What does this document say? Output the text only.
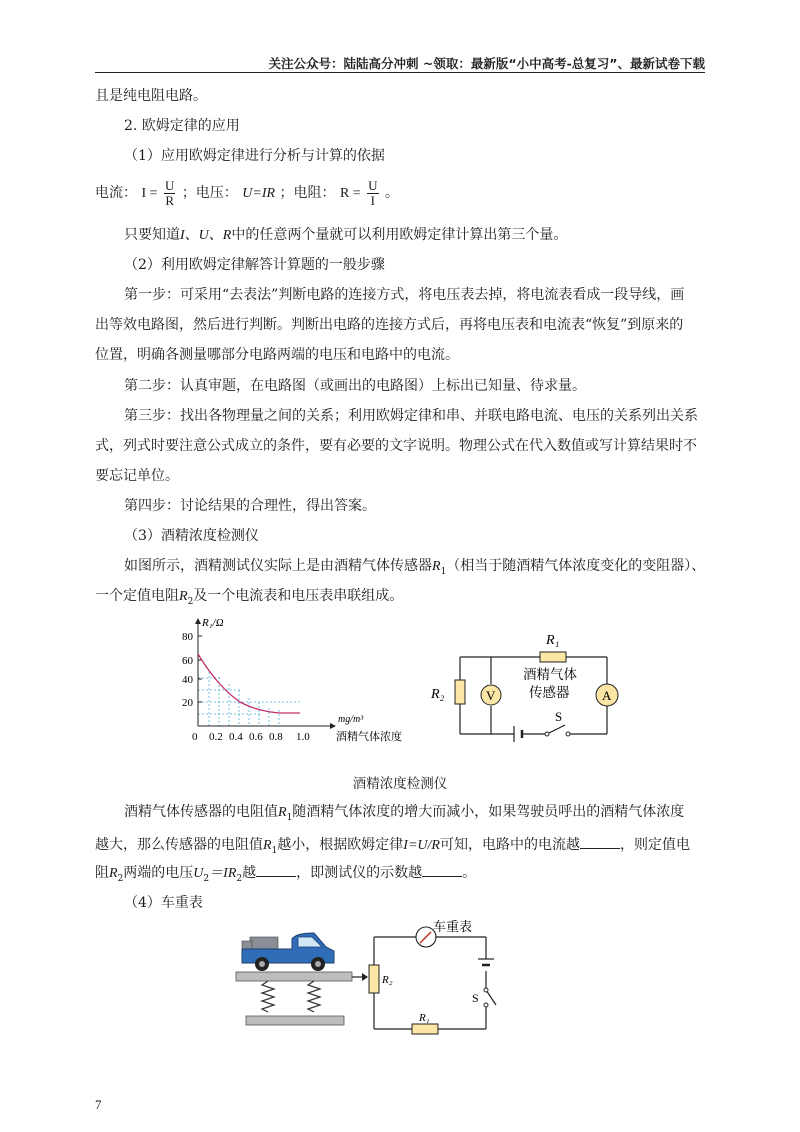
关注公众号：陆陆高分冲刺 ~领取：最新版“小中高考-总复习”、最新试卷下载
且是纯电阻电路。
2. 欧姆定律的应用
（1）应用欧姆定律进行分析与计算的依据
电流： $I = \frac{U}{R}$ ；电压： U=IR ；电阻： $R = \frac{U}{I}$ 。
只要知道I、U、R中的任意两个量就可以利用欧姆定律计算出第三个量。
（2）利用欧姆定律解答计算题的一般步骤
第一步：可采用“去表法”判断电路的连接方式，将电压表去掉，将电流表看成一段导线，画
出等效电路图，然后进行判断。判断出电路的连接方式后，再将电压表和电流表“恢复”到原来的
位置，明确各测量哪部分电路两端的电压和电路中的电流。
第二步：认真审题，在电路图（或画出的电路图）上标出已知量、待求量。
第三步：找出各物理量之间的关系；利用欧姆定律和串、并联电路电流、电压的关系列出关系
式，列式时要注意公式成立的条件，要有必要的文字说明。物理公式在代入数值或写计算结果时不
要忘记单位。
第四步：讨论结果的合理性，得出答案。
（3）酒精浓度检测仪
如图所示，酒精测试仪实际上是由酒精气体传感器$R_1$（相当于随酒精气体浓度变化的变阻器）、
一个定值电阻$R_2$及一个电流表和电压表串联组成。
R₁/Ω
80
60
40
20
0 0.2 0.4 0.6 0.8 1.0
mg/m³
酒精气体浓度
R₁
R₂	V	A
酒精气体
传感器
S
酒精浓度检测仪
酒精气体传感器的电阻值$R_1$随酒精气体浓度的增大而减小，如果驾驶员呼出的酒精气体浓度
越大，那么传感器的电阻值$R_1$越小，根据欧姆定律I=U/R可知，电路中的电流越	，则定值电
阻$R_2$两端的电压$U_2=IR_2$越	，即测试仪的示数越	。
（4）车重表
车重表
R₂
R₁
S
7
